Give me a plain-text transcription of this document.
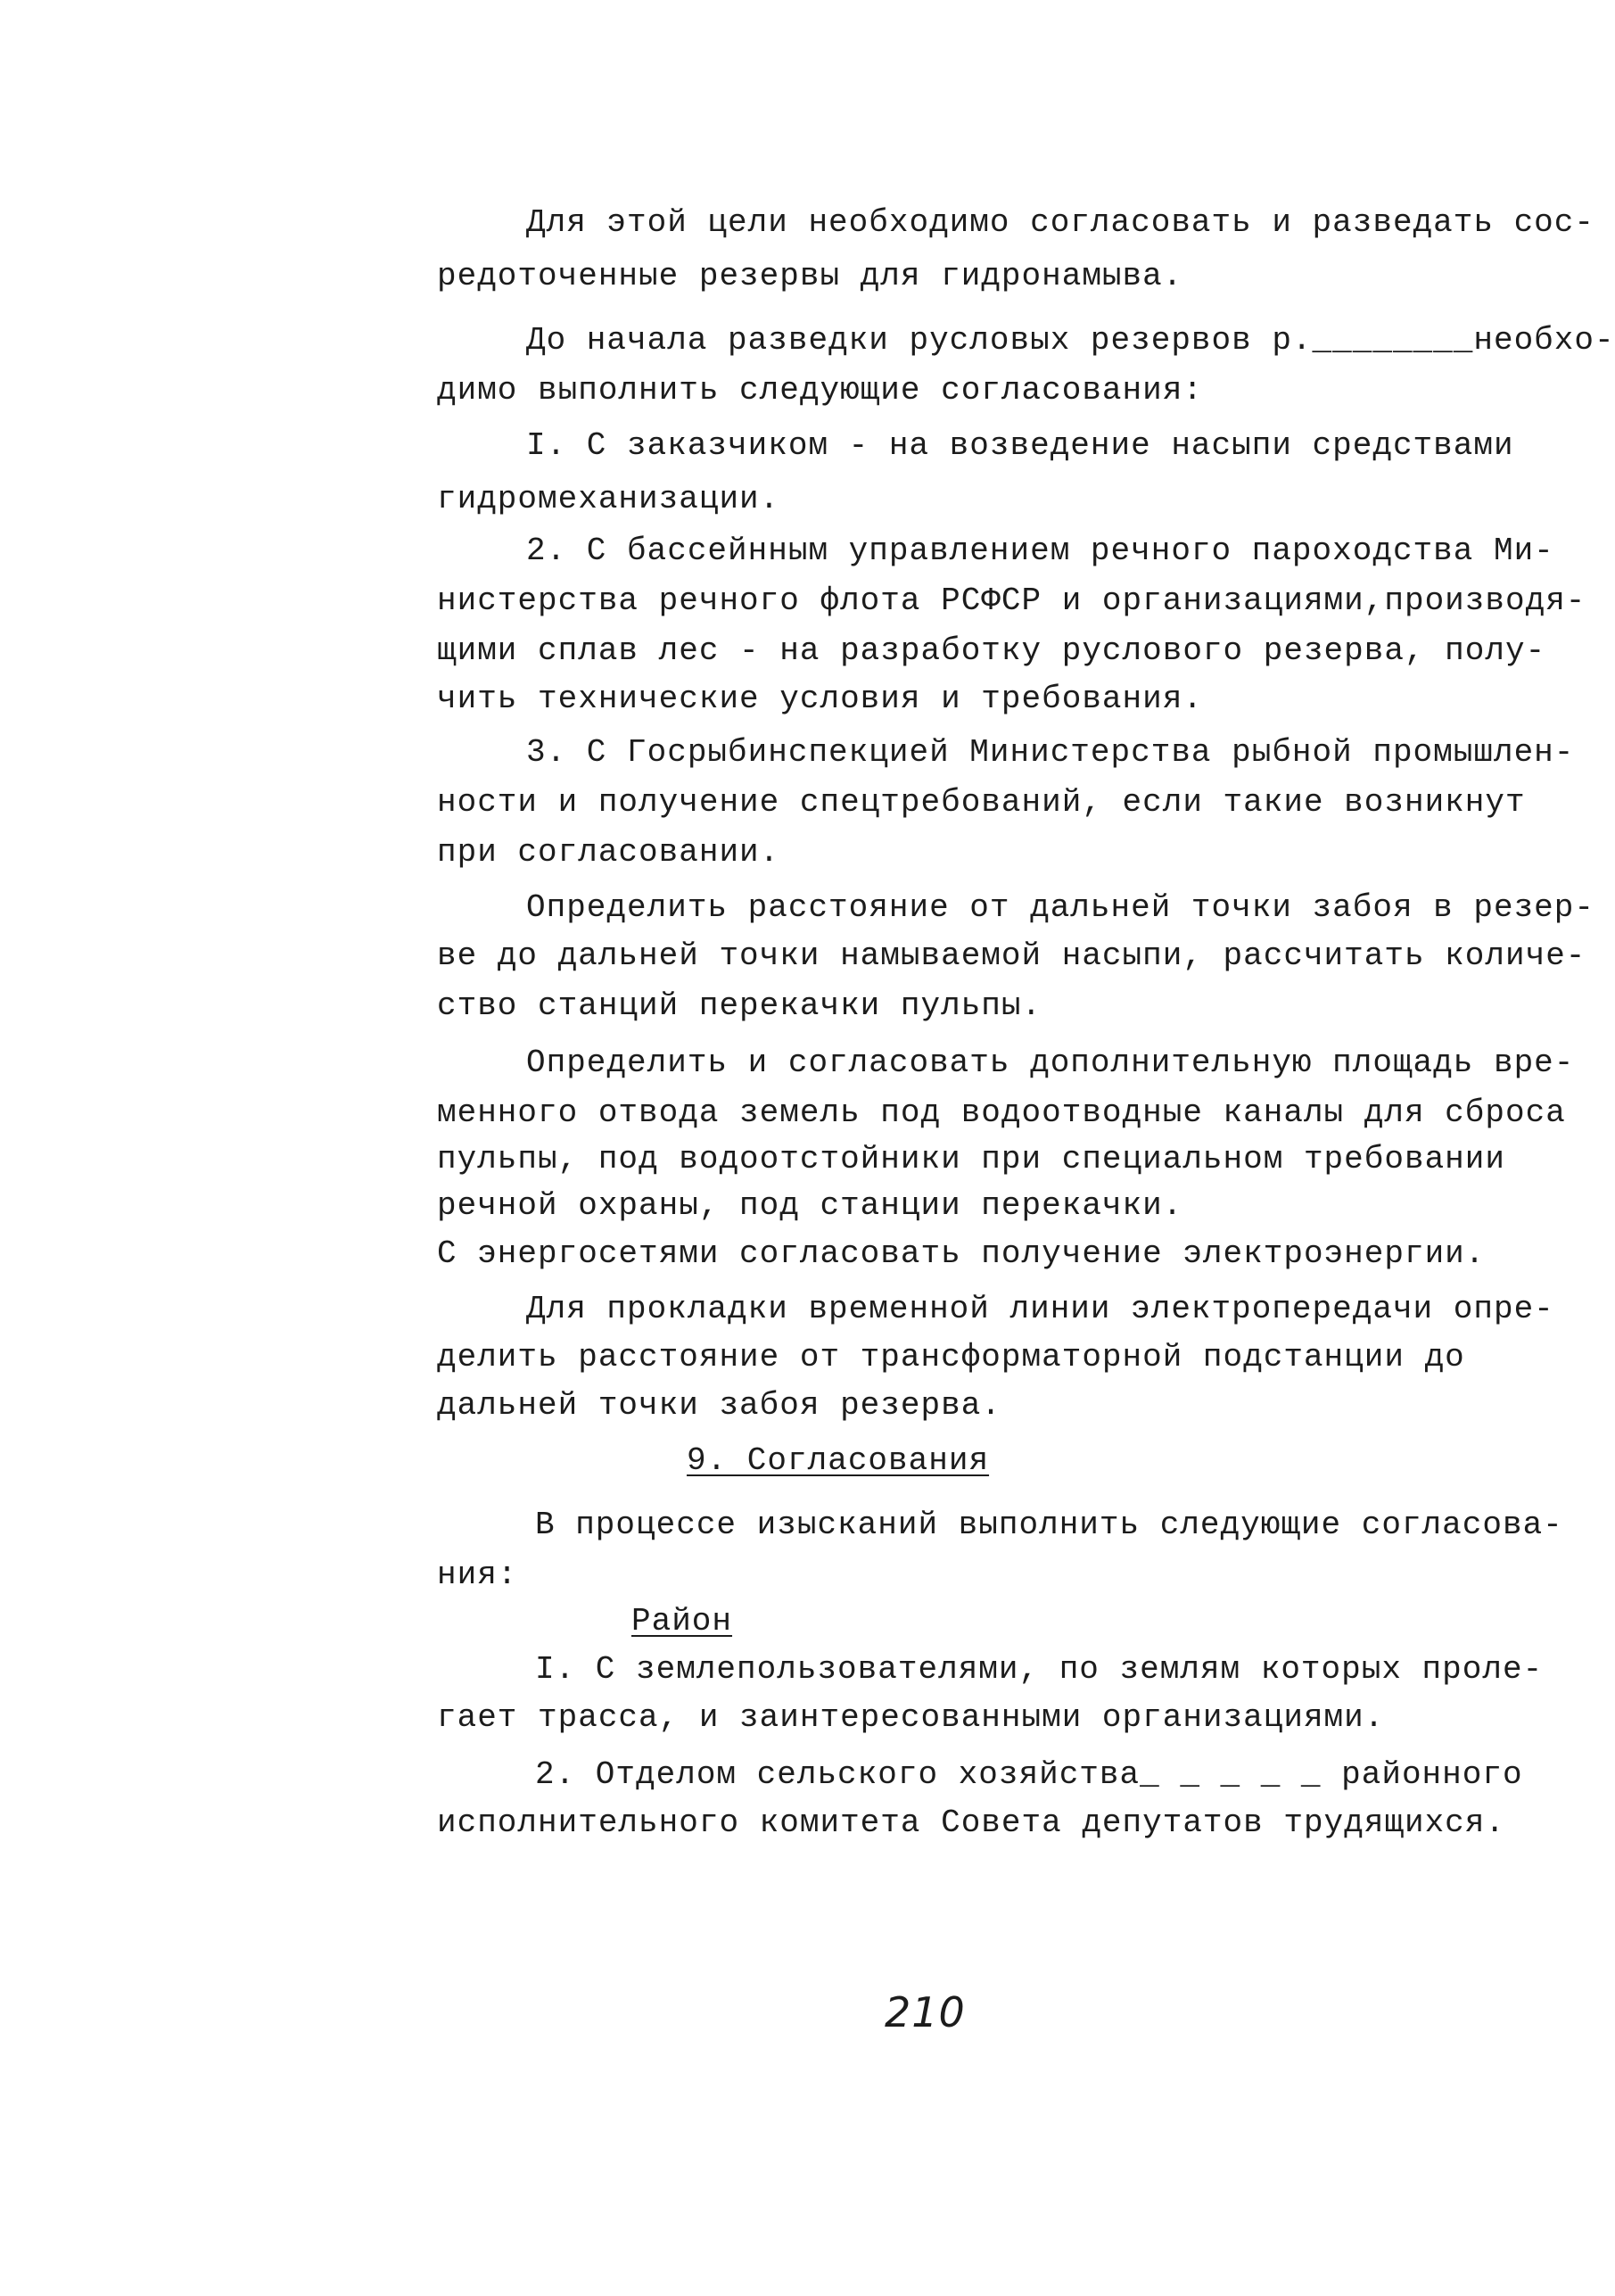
Для этой цели необходимо согласовать и разведать сос-
редоточенные резервы для гидронамыва.
До начала разведки русловых резервов р.________необхо-
димо выполнить следующие согласования:
I. С заказчиком - на возведение насыпи средствами
гидромеханизации.
2. С бассейнным управлением речного пароходства Ми-
нистерства речного флота РСФСР и организациями,производя-
щими сплав лес - на разработку руслового резерва, полу-
чить технические условия и требования.
3. С Госрыбинспекцией Министерства рыбной промышлен-
ности и получение спецтребований, если такие возникнут
при согласовании.
Определить расстояние от дальней точки забоя в резер-
ве до дальней точки намываемой насыпи, рассчитать количе-
ство станций перекачки пульпы.
Определить и согласовать дополнительную площадь вре-
менного отвода земель под водоотводные каналы для сброса
пульпы, под водоотстойники при специальном требовании
речной охраны, под станции перекачки.
С энергосетями согласовать получение электроэнергии.
Для прокладки временной линии электропередачи опре-
делить расстояние от трансформаторной подстанции до
дальней точки забоя резерва.
9. Согласования
В процессе изысканий выполнить следующие согласова-
ния:
Район
I. С землепользователями, по землям которых проле-
гает трасса, и заинтересованными организациями.
2. Отделом сельского хозяйства_ _ _ _ _ районного
исполнительного комитета Совета депутатов трудящихся.
210
